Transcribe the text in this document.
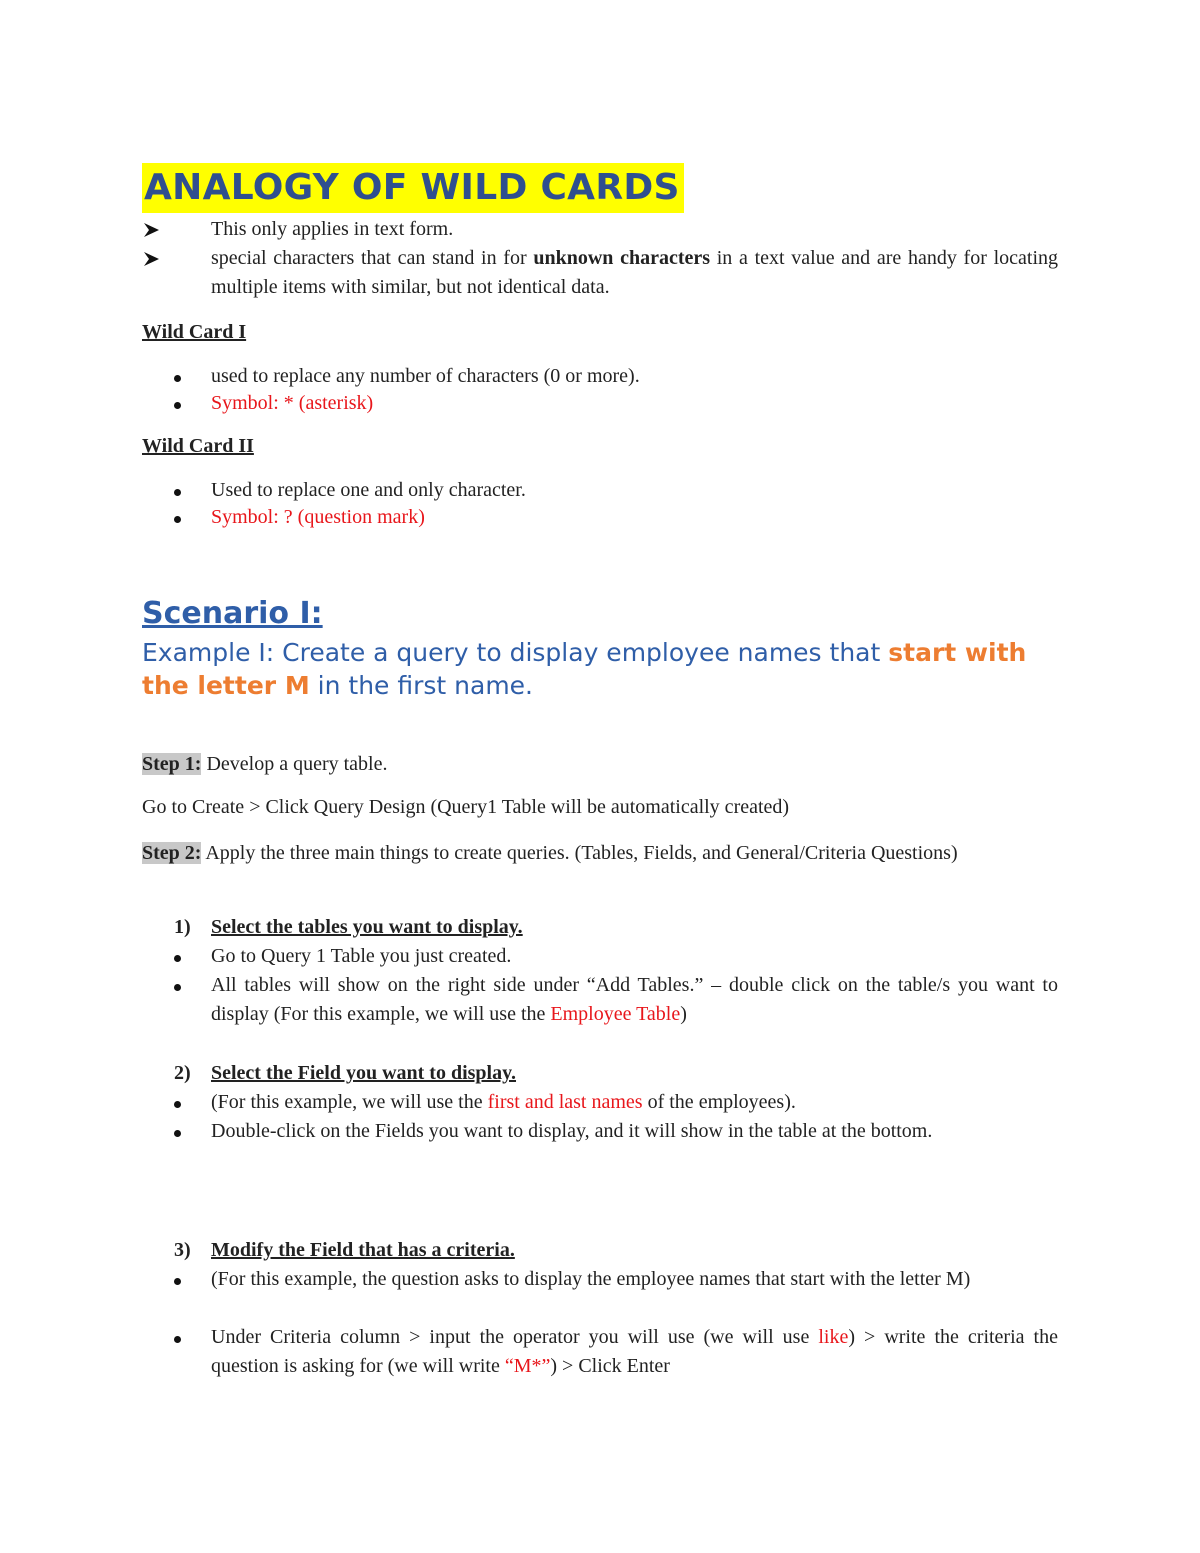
ANALOGY OF WILD CARDS
This only applies in text form.
special characters that can stand in for unknown characters in a text value and are handy for locating multiple items with similar, but not identical data.
Wild Card I
used to replace any number of characters (0 or more).
Symbol: * (asterisk)
Wild Card II
Used to replace one and only character.
Symbol: ? (question mark)
Scenario I:
Example I: Create a query to display employee names that start with the letter M in the first name.
Step 1: Develop a query table.
Go to Create > Click Query Design (Query1 Table will be automatically created)
Step 2: Apply the three main things to create queries. (Tables, Fields, and General/Criteria Questions)
1) Select the tables you want to display.
Go to Query 1 Table you just created.
All tables will show on the right side under “Add Tables.” – double click on the table/s you want to display (For this example, we will use the Employee Table)
2) Select the Field you want to display.
(For this example, we will use the first and last names of the employees).
Double-click on the Fields you want to display, and it will show in the table at the bottom.
3) Modify the Field that has a criteria.
(For this example, the question asks to display the employee names that start with the letter M)
Under Criteria column > input the operator you will use (we will use like) > write the criteria the question is asking for (we will write “M*”) > Click Enter
